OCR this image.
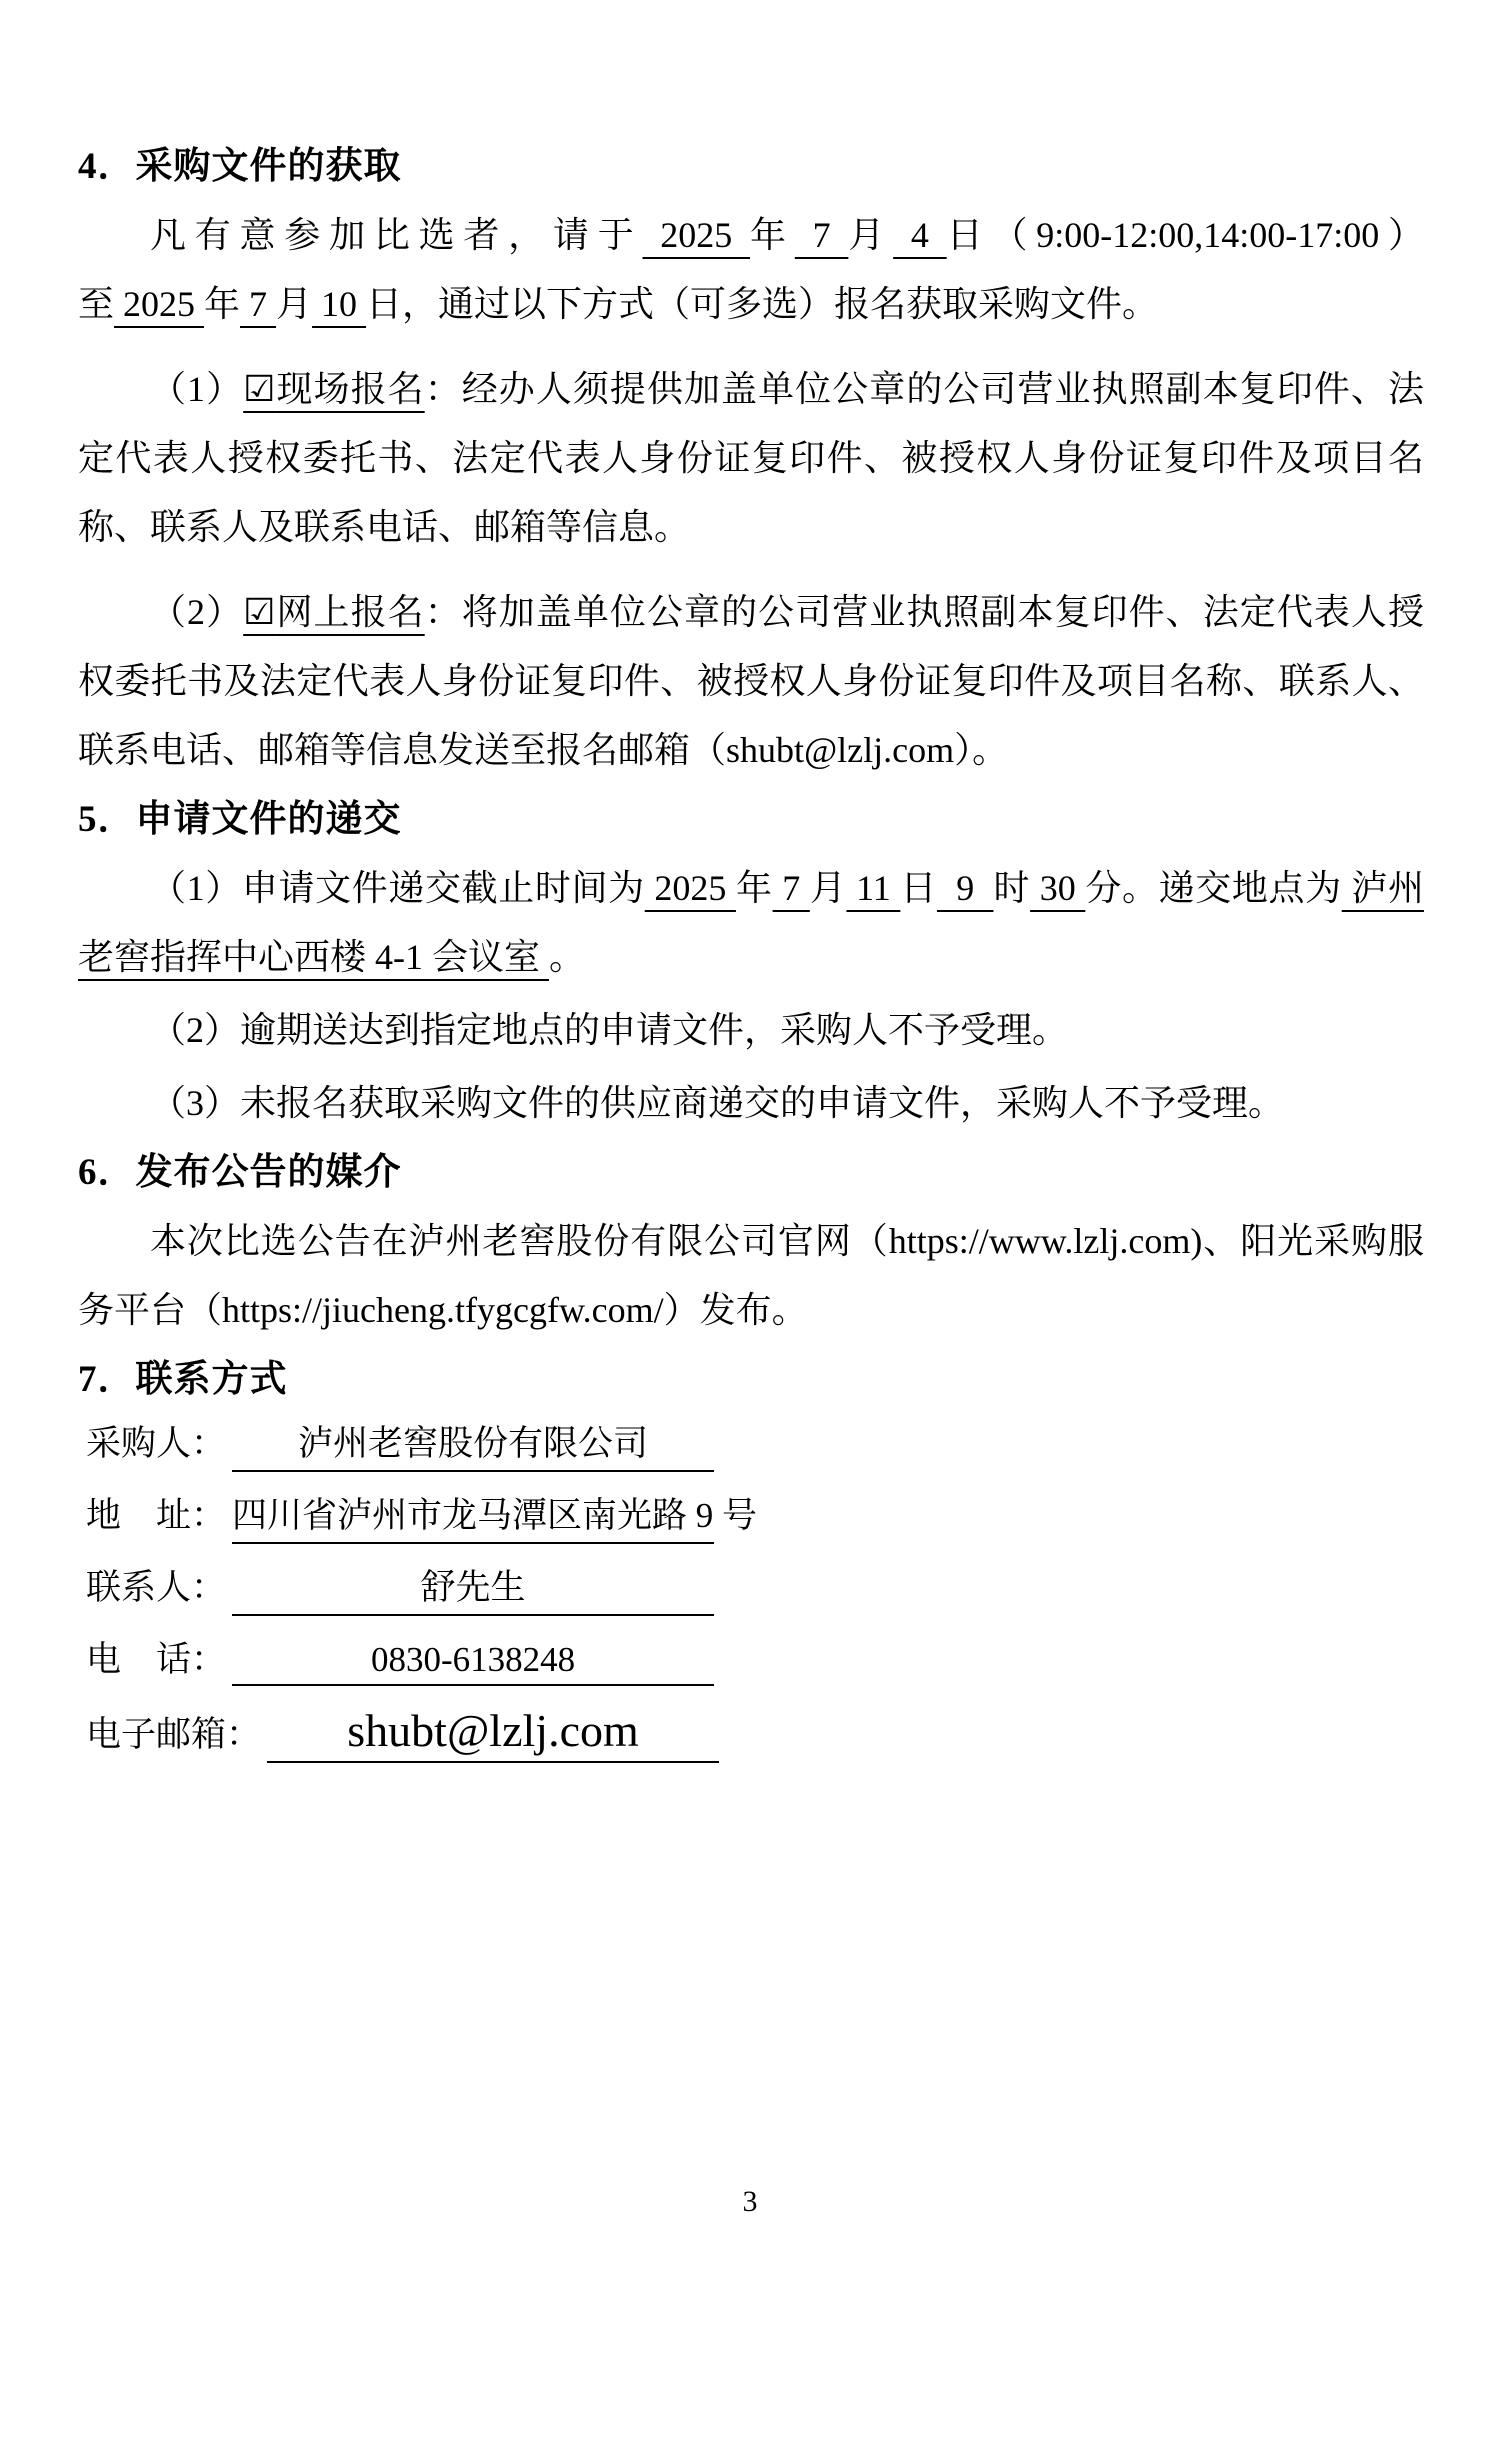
4．采购文件的获取

凡有意参加比选者，请于 2025 年 7 月 4 日（9:00-12:00,14:00-17:00）至 2025 年 7 月 10 日，通过以下方式（可多选）报名获取采购文件。

（1）☑现场报名：经办人须提供加盖单位公章的公司营业执照副本复印件、法定代表人授权委托书、法定代表人身份证复印件、被授权人身份证复印件及项目名称、联系人及联系电话、邮箱等信息。

（2）☑网上报名：将加盖单位公章的公司营业执照副本复印件、法定代表人授权委托书及法定代表人身份证复印件、被授权人身份证复印件及项目名称、联系人、联系电话、邮箱等信息发送至报名邮箱（shubt@lzlj.com）。

5．申请文件的递交

（1）申请文件递交截止时间为 2025 年 7 月 11 日  9  时 30 分。递交地点为 泸州老窖指挥中心西楼 4-1 会议室 。

（2）逾期送达到指定地点的申请文件，采购人不予受理。

（3）未报名获取采购文件的供应商递交的申请文件，采购人不予受理。

6．发布公告的媒介

本次比选公告在泸州老窖股份有限公司官网（https://www.lzlj.com)、阳光采购服务平台（https://jiucheng.tfygcgfw.com/）发布。

7．联系方式
采购人：	泸州老窖股份有限公司
地　址： 四川省泸州市龙马潭区南光路 9 号
联系人：	舒先生
电　话：	0830-6138248
电子邮箱：	shubt@lzlj.com
3
